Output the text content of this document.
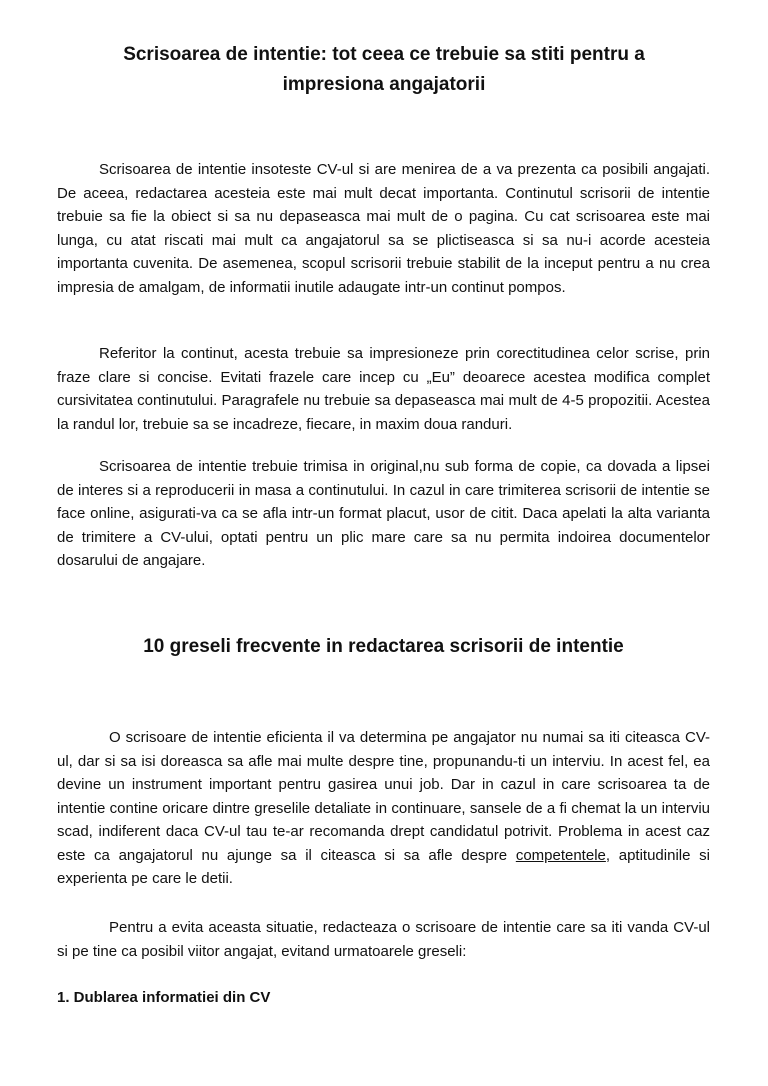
Scrisoarea de intentie: tot ceea ce trebuie sa stiti pentru a impresiona angajatorii

Scrisoarea de intentie insoteste CV-ul si are menirea de a va prezenta ca posibili angajati. De aceea, redactarea acesteia este mai mult decat importanta. Continutul scrisorii de intentie trebuie sa fie la obiect si sa nu depaseasca mai mult de o pagina. Cu cat scrisoarea este mai lunga, cu atat riscati mai mult ca angajatorul sa se plictiseasca si sa nu-i acorde acesteia importanta cuvenita. De asemenea, scopul scrisorii trebuie stabilit de la inceput pentru a nu crea impresia de amalgam, de informatii inutile adaugate intr-un continut pompos.

Referitor la continut, acesta trebuie sa impresioneze prin corectitudinea celor scrise, prin fraze clare si concise. Evitati frazele care incep cu „Eu” deoarece acestea modifica complet cursivitatea continutului. Paragrafele nu trebuie sa depaseasca mai mult de 4-5 propozitii. Acestea la randul lor, trebuie sa se incadreze, fiecare, in maxim doua randuri.

Scrisoarea de intentie trebuie trimisa in original,nu sub forma de copie, ca dovada a lipsei de interes si a reproducerii in masa a continutului. In cazul in care trimiterea scrisorii de intentie se face online, asigurati-va ca se afla intr-un format placut, usor de citit. Daca apelati la alta varianta de trimitere a CV-ului, optati pentru un plic mare care sa nu permita indoirea documentelor dosarului de angajare.

10 greseli frecvente in redactarea scrisorii de intentie

O scrisoare de intentie eficienta il va determina pe angajator nu numai sa iti citeasca CV-ul, dar si sa isi doreasca sa afle mai multe despre tine, propunandu-ti un interviu. In acest fel, ea devine un instrument important pentru gasirea unui job. Dar in cazul in care scrisoarea ta de intentie contine oricare dintre greselile detaliate in continuare, sansele de a fi chemat la un interviu scad, indiferent daca CV-ul tau te-ar recomanda drept candidatul potrivit. Problema in acest caz este ca angajatorul nu ajunge sa il citeasca si sa afle despre competentele, aptitudinile si experienta pe care le detii.

Pentru a evita aceasta situatie, redacteaza o scrisoare de intentie care sa iti vanda CV-ul si pe tine ca posibil viitor angajat, evitand urmatoarele greseli:

1. Dublarea informatiei din CV
